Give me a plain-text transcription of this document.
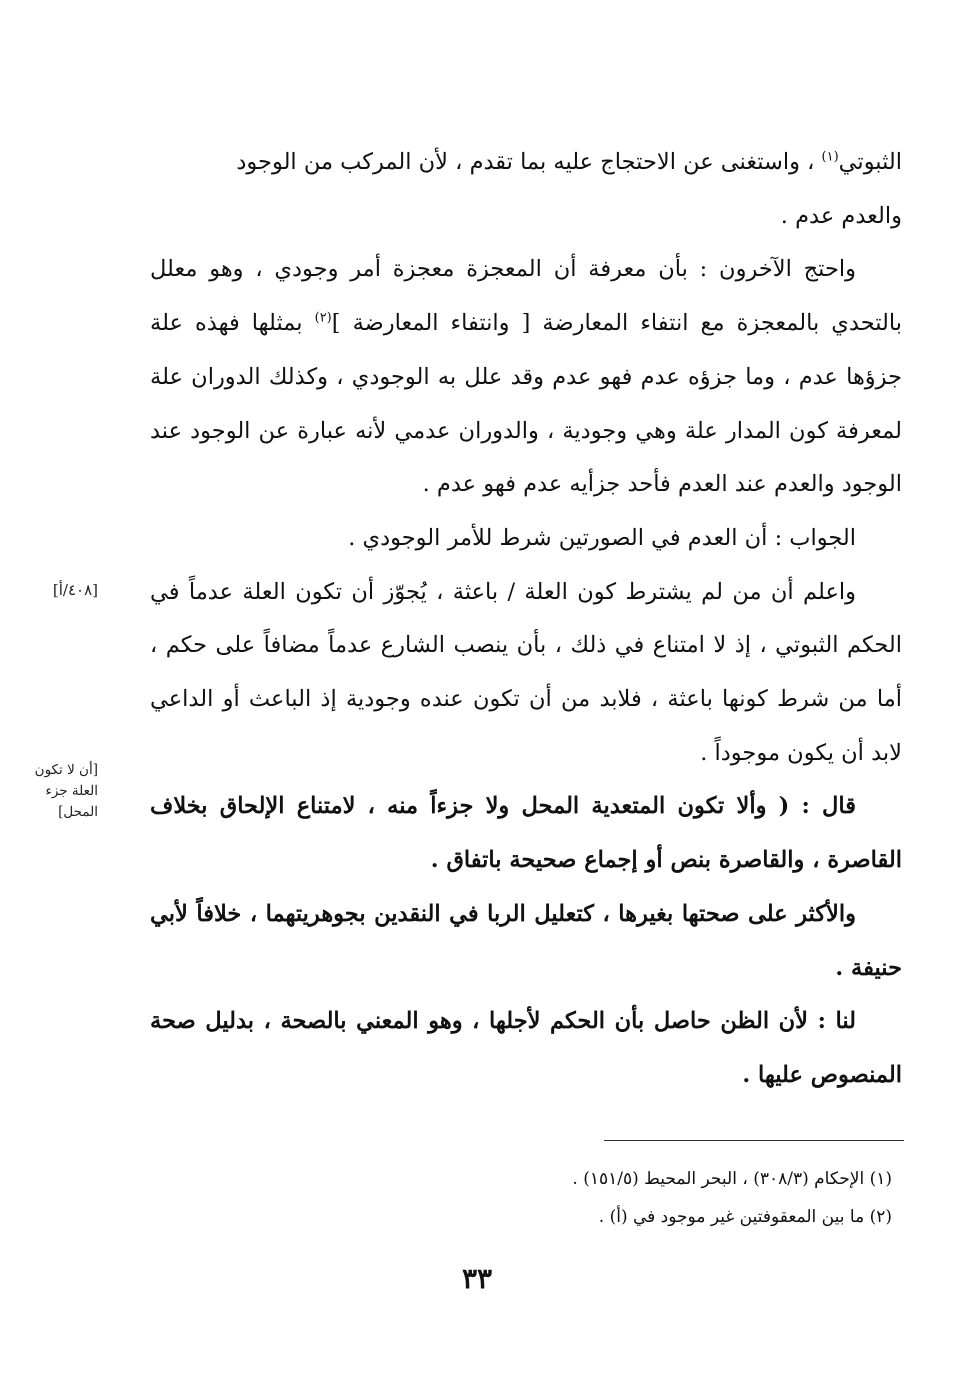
الثبوتي$^{(١)}$ ، واستغنى عن الاحتجاج عليه بما تقدم ، لأن المركب من الوجود
والعدم عدم .

واحتج الآخرون : بأن معرفة أن المعجزة معجزة أمر وجودي ، وهو معلل بالتحدي بالمعجزة مع انتفاء المعارضة [ وانتفاء المعارضة ]$^{(٢)}$ بمثلها فهذه علة جزؤها عدم ، وما جزؤه عدم فهو عدم وقد علل به الوجودي ، وكذلك الدوران علة لمعرفة كون المدار علة وهي وجودية ، والدوران عدمي لأنه عبارة عن الوجود عند الوجود والعدم عند العدم فأحد جزأيه عدم فهو عدم .

الجواب : أن العدم في الصورتين شرط للأمر الوجودي .

واعلم أن من لم يشترط كون العلة / باعثة ، يُجوّز أن تكون العلة عدماً في الحكم الثبوتي ، إذ لا امتناع في ذلك ، بأن ينصب الشارع عدماً مضافاً على حكم ، أما من شرط كونها باعثة ، فلابد من أن تكون عنده وجودية إذ الباعث أو الداعي لابد أن يكون موجوداً .

قال : ( وألا تكون المتعدية المحل ولا جزءاً منه ، لامتناع الإلحاق بخلاف القاصرة ، والقاصرة بنص أو إجماع صحيحة باتفاق .

والأكثر على صحتها بغيرها ، كتعليل الربا في النقدين بجوهريتهما ، خلافاً لأبي حنيفة .

لنا : لأن الظن حاصل بأن الحكم لأجلها ، وهو المعني بالصحة ، بدليل صحة المنصوص عليها .

[٤٠٨/أ]
[أن لا تكون العلة جزء المحل]
(١) الإحكام (٣٠٨/٣) ، البحر المحيط (١٥١/٥) .
(٢) ما بين المعقوفتين غير موجود في (أ) .
٣٣
